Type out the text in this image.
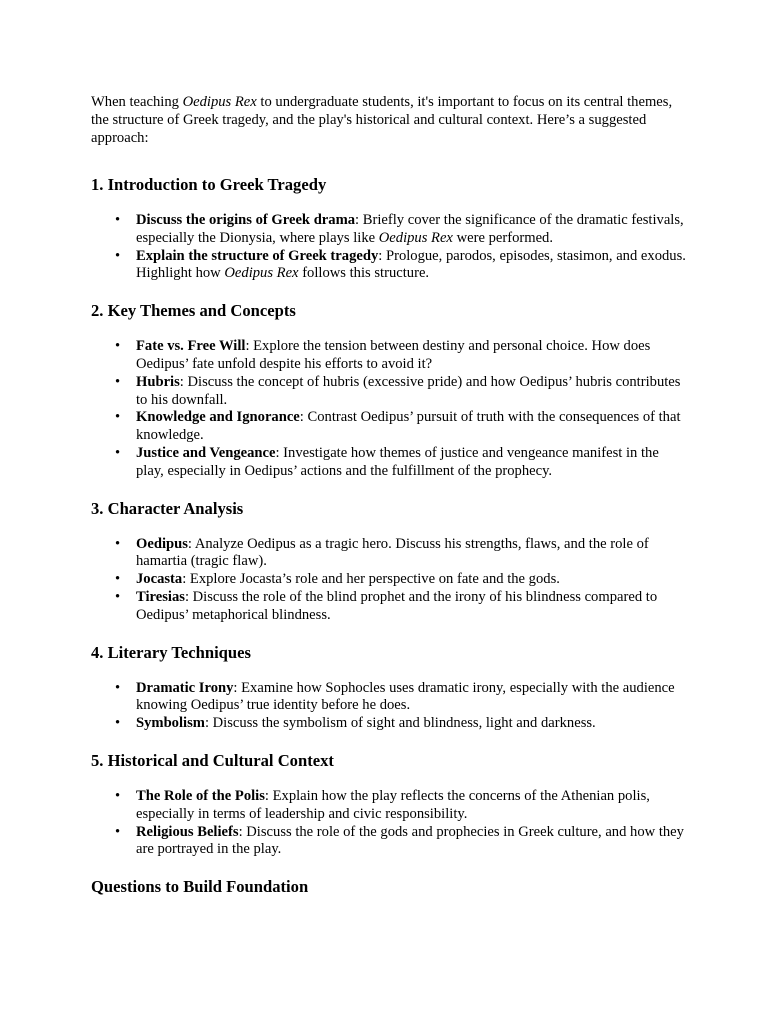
When teaching Oedipus Rex to undergraduate students, it's important to focus on its central themes, the structure of Greek tragedy, and the play's historical and cultural context. Here’s a suggested approach:

1. Introduction to Greek Tragedy
• Discuss the origins of Greek drama: Briefly cover the significance of the dramatic festivals, especially the Dionysia, where plays like Oedipus Rex were performed.
• Explain the structure of Greek tragedy: Prologue, parodos, episodes, stasimon, and exodus. Highlight how Oedipus Rex follows this structure.
2. Key Themes and Concepts
• Fate vs. Free Will: Explore the tension between destiny and personal choice. How does Oedipus’ fate unfold despite his efforts to avoid it?
• Hubris: Discuss the concept of hubris (excessive pride) and how Oedipus’ hubris contributes to his downfall.
• Knowledge and Ignorance: Contrast Oedipus’ pursuit of truth with the consequences of that knowledge.
• Justice and Vengeance: Investigate how themes of justice and vengeance manifest in the play, especially in Oedipus’ actions and the fulfillment of the prophecy.
3. Character Analysis
• Oedipus: Analyze Oedipus as a tragic hero. Discuss his strengths, flaws, and the role of hamartia (tragic flaw).
• Jocasta: Explore Jocasta’s role and her perspective on fate and the gods.
• Tiresias: Discuss the role of the blind prophet and the irony of his blindness compared to Oedipus’ metaphorical blindness.
4. Literary Techniques
• Dramatic Irony: Examine how Sophocles uses dramatic irony, especially with the audience knowing Oedipus’ true identity before he does.
• Symbolism: Discuss the symbolism of sight and blindness, light and darkness.
5. Historical and Cultural Context
• The Role of the Polis: Explain how the play reflects the concerns of the Athenian polis, especially in terms of leadership and civic responsibility.
• Religious Beliefs: Discuss the role of the gods and prophecies in Greek culture, and how they are portrayed in the play.
Questions to Build Foundation
